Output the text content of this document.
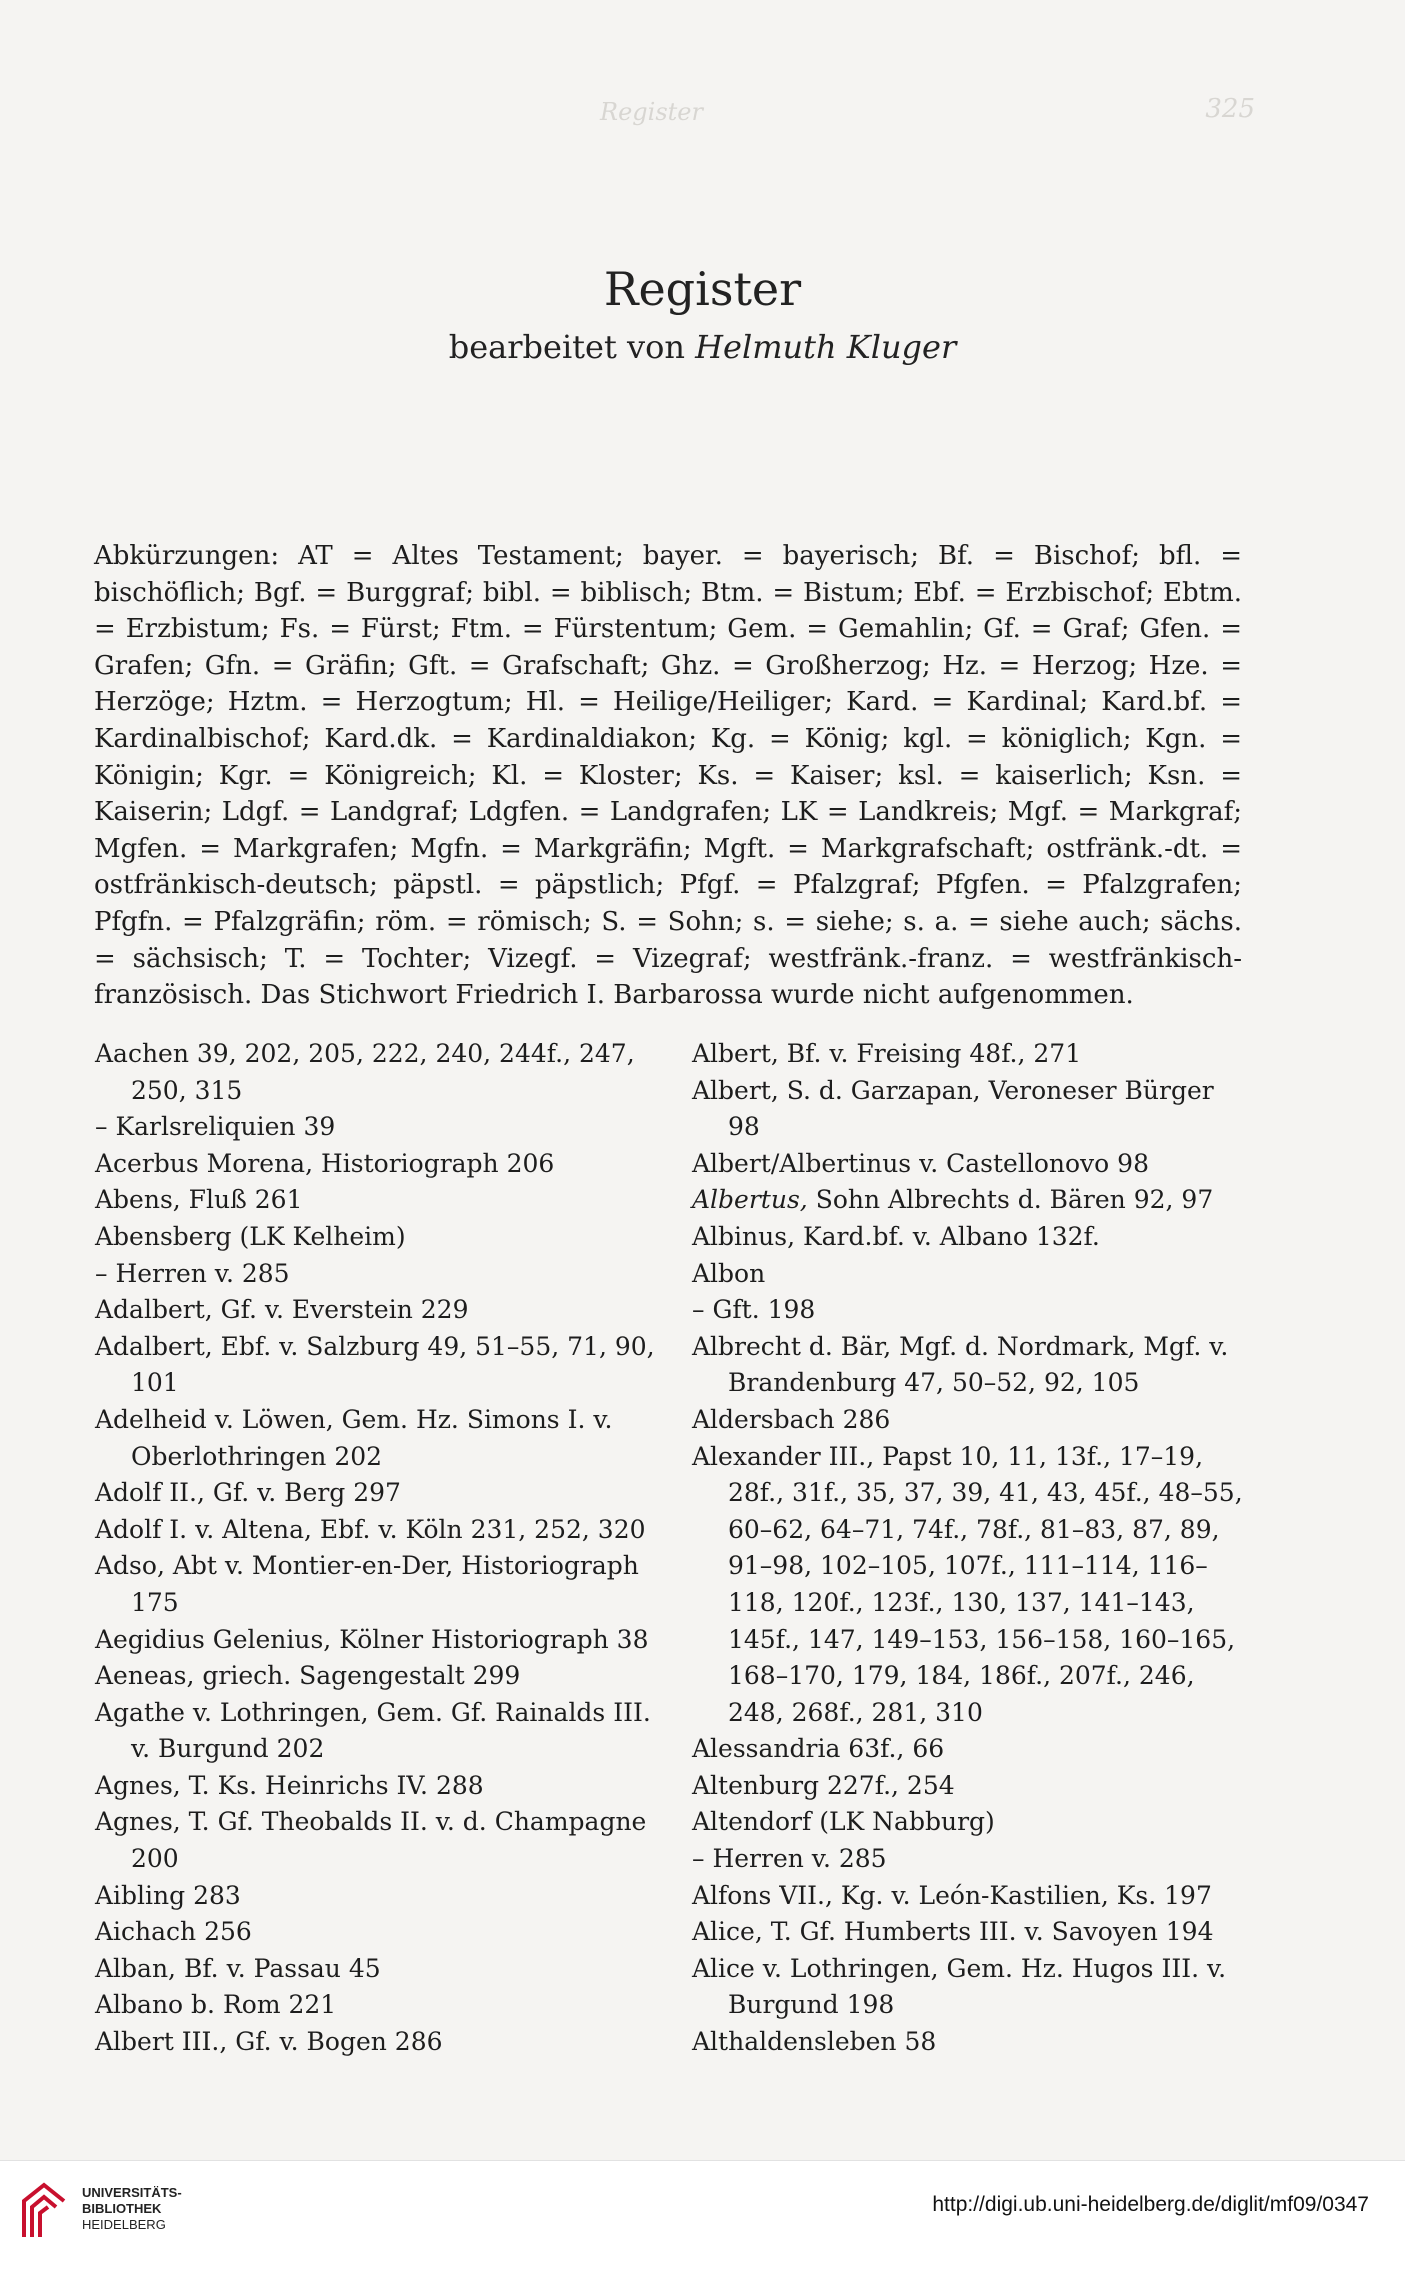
Register	325
Register
bearbeitet von Helmuth Kluger
Abkürzungen: AT = Altes Testament; bayer. = bayerisch; Bf. = Bischof; bfl. = bischöflich; Bgf. = Burggraf; bibl. = biblisch; Btm. = Bistum; Ebf. = Erzbischof; Ebtm. = Erzbistum; Fs. = Fürst; Ftm. = Fürstentum; Gem. = Gemahlin; Gf. = Graf; Gfen. = Grafen; Gfn. = Gräfin; Gft. = Grafschaft; Ghz. = Großherzog; Hz. = Herzog; Hze. = Herzöge; Hztm. = Herzogtum; Hl. = Heilige/Heiliger; Kard. = Kardinal; Kard.bf. = Kardinalbischof; Kard.dk. = Kardinaldiakon; Kg. = König; kgl. = königlich; Kgn. = Königin; Kgr. = Königreich; Kl. = Kloster; Ks. = Kaiser; ksl. = kaiserlich; Ksn. = Kaiserin; Ldgf. = Landgraf; Ldgfen. = Landgrafen; LK = Landkreis; Mgf. = Markgraf; Mgfen. = Markgrafen; Mgfn. = Markgräfin; Mgft. = Markgrafschaft; ostfränk.-dt. = ostfränkisch-deutsch; päpstl. = päpstlich; Pfgf. = Pfalzgraf; Pfgfen. = Pfalzgrafen; Pfgfn. = Pfalzgräfin; röm. = römisch; S. = Sohn; s. = siehe; s. a. = siehe auch; sächs. = sächsisch; T. = Tochter; Vizegf. = Vizegraf; westfränk.-franz. = westfränkisch-französisch. Das Stichwort Friedrich I. Barbarossa wurde nicht aufgenommen.
Aachen 39, 202, 205, 222, 240, 244f., 247, 250, 315
– Karlsreliquien 39
Acerbus Morena, Historiograph 206
Abens, Fluß 261
Abensberg (LK Kelheim)
– Herren v. 285
Adalbert, Gf. v. Everstein 229
Adalbert, Ebf. v. Salzburg 49, 51–55, 71, 90, 101
Adelheid v. Löwen, Gem. Hz. Simons I. v. Oberlothringen 202
Adolf II., Gf. v. Berg 297
Adolf I. v. Altena, Ebf. v. Köln 231, 252, 320
Adso, Abt v. Montier-en-Der, Historiograph 175
Aegidius Gelenius, Kölner Historiograph 38
Aeneas, griech. Sagengestalt 299
Agathe v. Lothringen, Gem. Gf. Rainalds III. v. Burgund 202
Agnes, T. Ks. Heinrichs IV. 288
Agnes, T. Gf. Theobalds II. v. d. Champagne 200
Aibling 283
Aichach 256
Alban, Bf. v. Passau 45
Albano b. Rom 221
Albert III., Gf. v. Bogen 286
Albert, Bf. v. Freising 48f., 271
Albert, S. d. Garzapan, Veroneser Bürger 98
Albert/Albertinus v. Castellonovo 98
Albertus, Sohn Albrechts d. Bären 92, 97
Albinus, Kard.bf. v. Albano 132f.
Albon
– Gft. 198
Albrecht d. Bär, Mgf. d. Nordmark, Mgf. v. Brandenburg 47, 50–52, 92, 105
Aldersbach 286
Alexander III., Papst 10, 11, 13f., 17–19, 28f., 31f., 35, 37, 39, 41, 43, 45f., 48–55, 60–62, 64–71, 74f., 78f., 81–83, 87, 89, 91–98, 102–105, 107f., 111–114, 116–118, 120f., 123f., 130, 137, 141–143, 145f., 147, 149–153, 156–158, 160–165, 168–170, 179, 184, 186f., 207f., 246, 248, 268f., 281, 310
Alessandria 63f., 66
Altenburg 227f., 254
Altendorf (LK Nabburg)
– Herren v. 285
Alfons VII., Kg. v. León-Kastilien, Ks. 197
Alice, T. Gf. Humberts III. v. Savoyen 194
Alice v. Lothringen, Gem. Hz. Hugos III. v. Burgund 198
Althaldensleben 58
UNIVERSITÄTS-
BIBLIOTHEK
HEIDELBERG
http://digi.ub.uni-heidelberg.de/diglit/mf09/0347
